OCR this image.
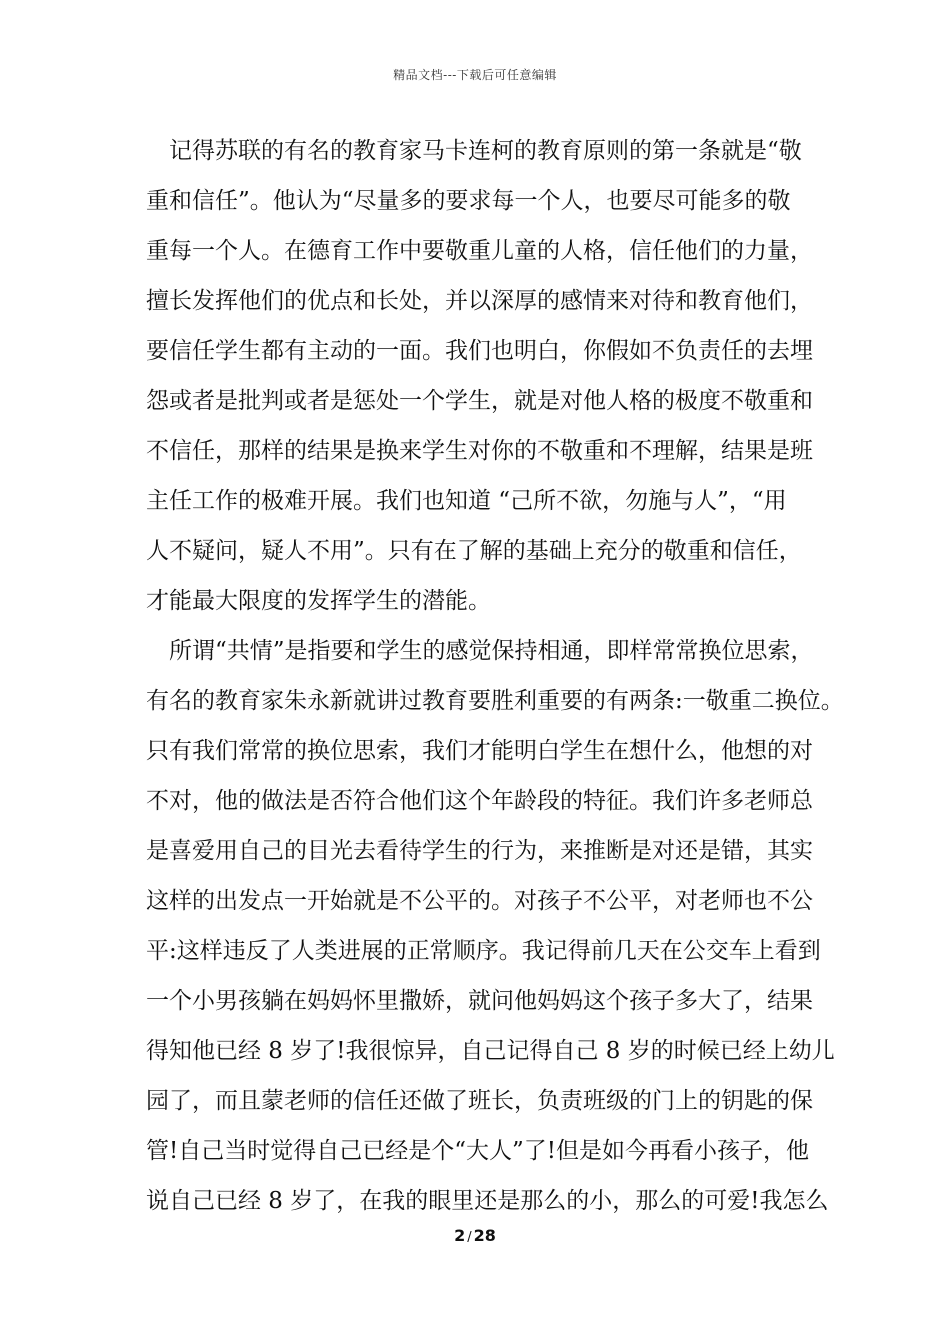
精品文档---下载后可任意编辑
记得苏联的有名的教育家马卡连柯的教育原则的第一条就是“敬
重和信任”。他认为“尽量多的要求每一个人，也要尽可能多的敬
重每一个人。在德育工作中要敬重儿童的人格，信任他们的力量，
擅长发挥他们的优点和长处，并以深厚的感情来对待和教育他们，
要信任学生都有主动的一面。我们也明白，你假如不负责任的去埋
怨或者是批判或者是惩处一个学生，就是对他人格的极度不敬重和
不信任，那样的结果是换来学生对你的不敬重和不理解，结果是班
主任工作的极难开展。我们也知道 “己所不欲，勿施与人”，“用
人不疑问，疑人不用”。只有在了解的基础上充分的敬重和信任，
才能最大限度的发挥学生的潜能。
所谓“共情”是指要和学生的感觉保持相通，即样常常换位思索，
有名的教育家朱永新就讲过教育要胜利重要的有两条:一敬重二换位。
只有我们常常的换位思索，我们才能明白学生在想什么，他想的对
不对，他的做法是否符合他们这个年龄段的特征。我们许多老师总
是喜爱用自己的目光去看待学生的行为，来推断是对还是错，其实
这样的出发点一开始就是不公平的。对孩子不公平，对老师也不公
平:这样违反了人类进展的正常顺序。我记得前几天在公交车上看到
一个小男孩躺在妈妈怀里撒娇，就问他妈妈这个孩子多大了，结果
得知他已经 8 岁了!我很惊异，自己记得自己 8 岁的时候已经上幼儿
园了，而且蒙老师的信任还做了班长，负责班级的门上的钥匙的保
管!自己当时觉得自己已经是个“大人”了!但是如今再看小孩子，他
说自己已经 8 岁了，在我的眼里还是那么的小，那么的可爱!我怎么
2 / 28
